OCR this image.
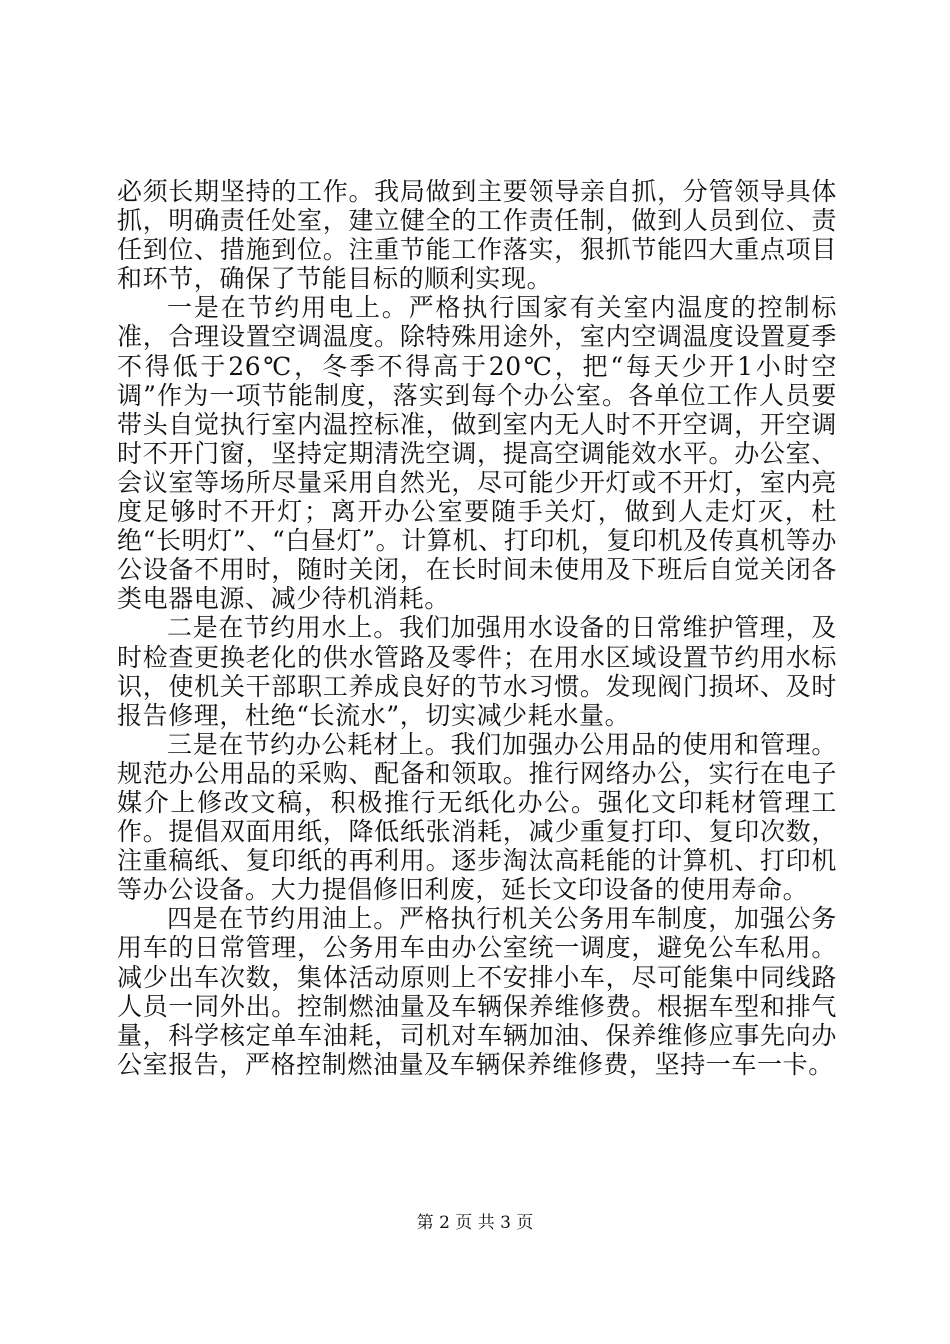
必须长期坚持的工作。我局做到主要领导亲自抓，分管领导具体抓，明确责任处室，建立健全的工作责任制，做到人员到位、责任到位、措施到位。注重节能工作落实，狠抓节能四大重点项目和环节，确保了节能目标的顺利实现。

一是在节约用电上。严格执行国家有关室内温度的控制标准，合理设置空调温度。除特殊用途外，室内空调温度设置夏季不得低于26℃，冬季不得高于20℃，把“每天少开1小时空调”作为一项节能制度，落实到每个办公室。各单位工作人员要带头自觉执行室内温控标准，做到室内无人时不开空调，开空调时不开门窗，坚持定期清洗空调，提高空调能效水平。办公室、会议室等场所尽量采用自然光，尽可能少开灯或不开灯，室内亮度足够时不开灯；离开办公室要随手关灯，做到人走灯灭，杜绝“长明灯”、“白昼灯”。计算机、打印机，复印机及传真机等办公设备不用时，随时关闭，在长时间未使用及下班后自觉关闭各类电器电源、减少待机消耗。

二是在节约用水上。我们加强用水设备的日常维护管理，及时检查更换老化的供水管路及零件；在用水区域设置节约用水标识，使机关干部职工养成良好的节水习惯。发现阀门损坏、及时报告修理，杜绝“长流水”，切实减少耗水量。

三是在节约办公耗材上。我们加强办公用品的使用和管理。规范办公用品的采购、配备和领取。推行网络办公，实行在电子媒介上修改文稿，积极推行无纸化办公。强化文印耗材管理工作。提倡双面用纸，降低纸张消耗，减少重复打印、复印次数，注重稿纸、复印纸的再利用。逐步淘汰高耗能的计算机、打印机等办公设备。大力提倡修旧利废，延长文印设备的使用寿命。

四是在节约用油上。严格执行机关公务用车制度，加强公务用车的日常管理，公务用车由办公室统一调度，避免公车私用。减少出车次数，集体活动原则上不安排小车，尽可能集中同线路人员一同外出。控制燃油量及车辆保养维修费。根据车型和排气量，科学核定单车油耗，司机对车辆加油、保养维修应事先向办公室报告，严格控制燃油量及车辆保养维修费，坚持一车一卡。

第 2 页 共 3 页
